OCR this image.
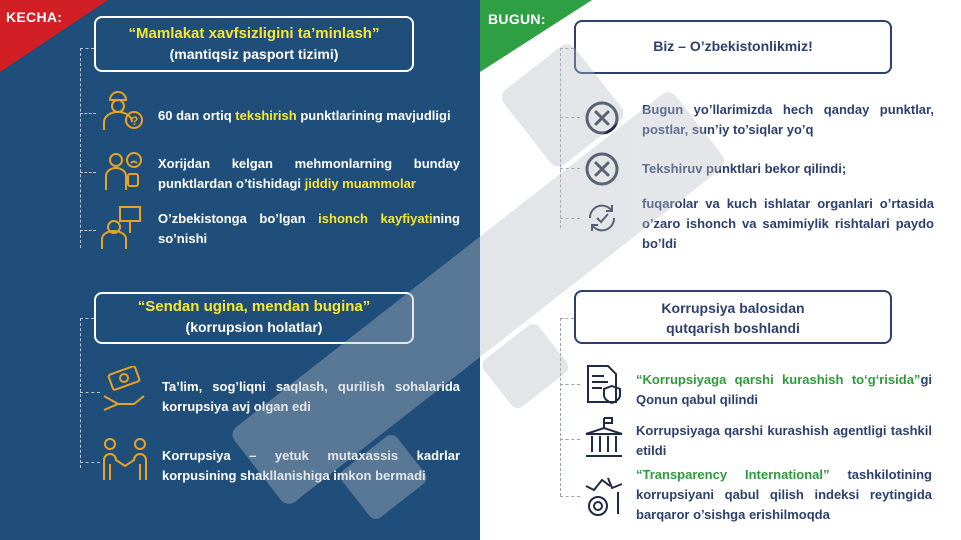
KECHA:
“Mamlakat xavfsizligini ta’minlash”
(mantiqsiz pasport tizimi)
? 60 dan ortiq tekshirish punktlarining mavjudligi
Xorijdan kelgan mehmonlarning bunday punktlardan o’tishidagi jiddiy muammolar
O’zbekistonga bo’lgan ishonch kayfiyatining so’nishi
“Sendan ugina, mendan bugina”
(korrupsion holatlar)
Ta’lim, sog’liqni saqlash, qurilish sohalarida korrupsiya avj olgan edi
Korrupsiya – yetuk mutaxassis kadrlar korpusining shakllanishiga imkon bermadi
BUGUN:
Biz – O’zbekistonlikmiz!
Bugun yo’llarimizda hech qanday punktlar, postlar, sun’iy to’siqlar yo’q
Tekshiruv punktlari bekor qilindi;
fuqarolar va kuch ishlatar organlari o’rtasida o’zaro ishonch va samimiylik rishtalari paydo bo’ldi
Korrupsiya balosidan qutqarish boshlandi
“Korrupsiyaga qarshi kurashish to‘g‘risida”gi Qonun qabul qilindi
Korrupsiyaga qarshi kurashish agentligi tashkil etildi
“Transparency International” tashkilotining korrupsiyani qabul qilish indeksi reytingida barqaror o’sishga erishilmoqda
